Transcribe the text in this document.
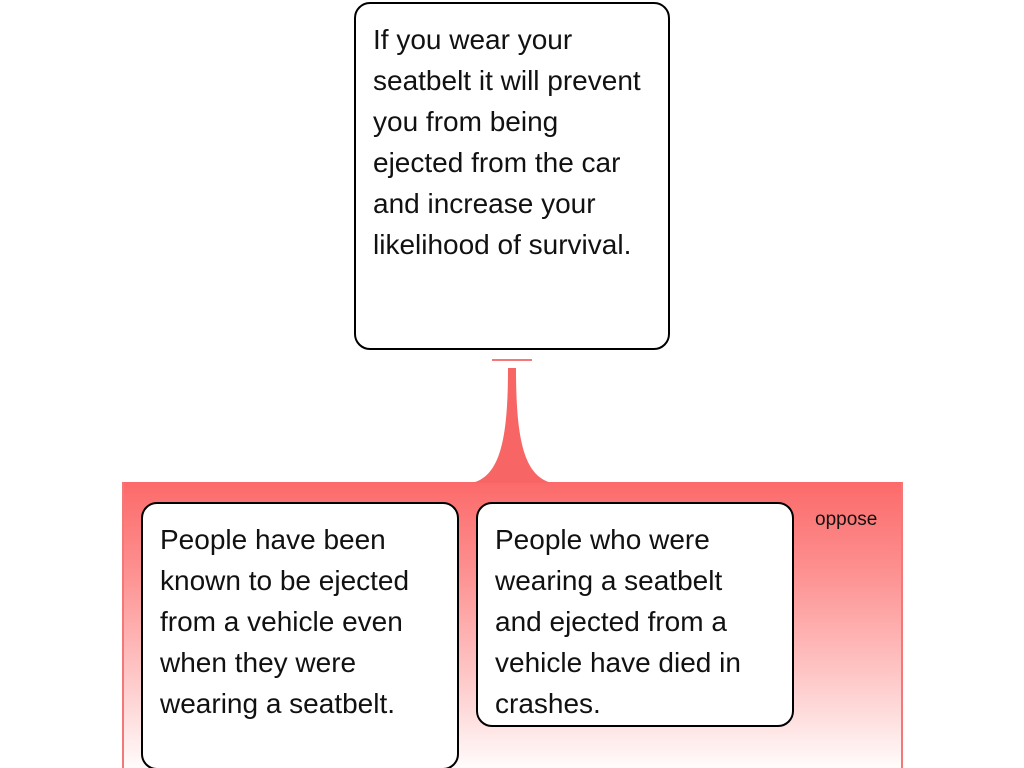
If you wear your seatbelt it will prevent you from being ejected from the car and increase your likelihood of survival.
oppose
People have been known to be ejected from a vehicle even when they were wearing a seatbelt.
People who were wearing a seatbelt and ejected from a vehicle have died in crashes.
